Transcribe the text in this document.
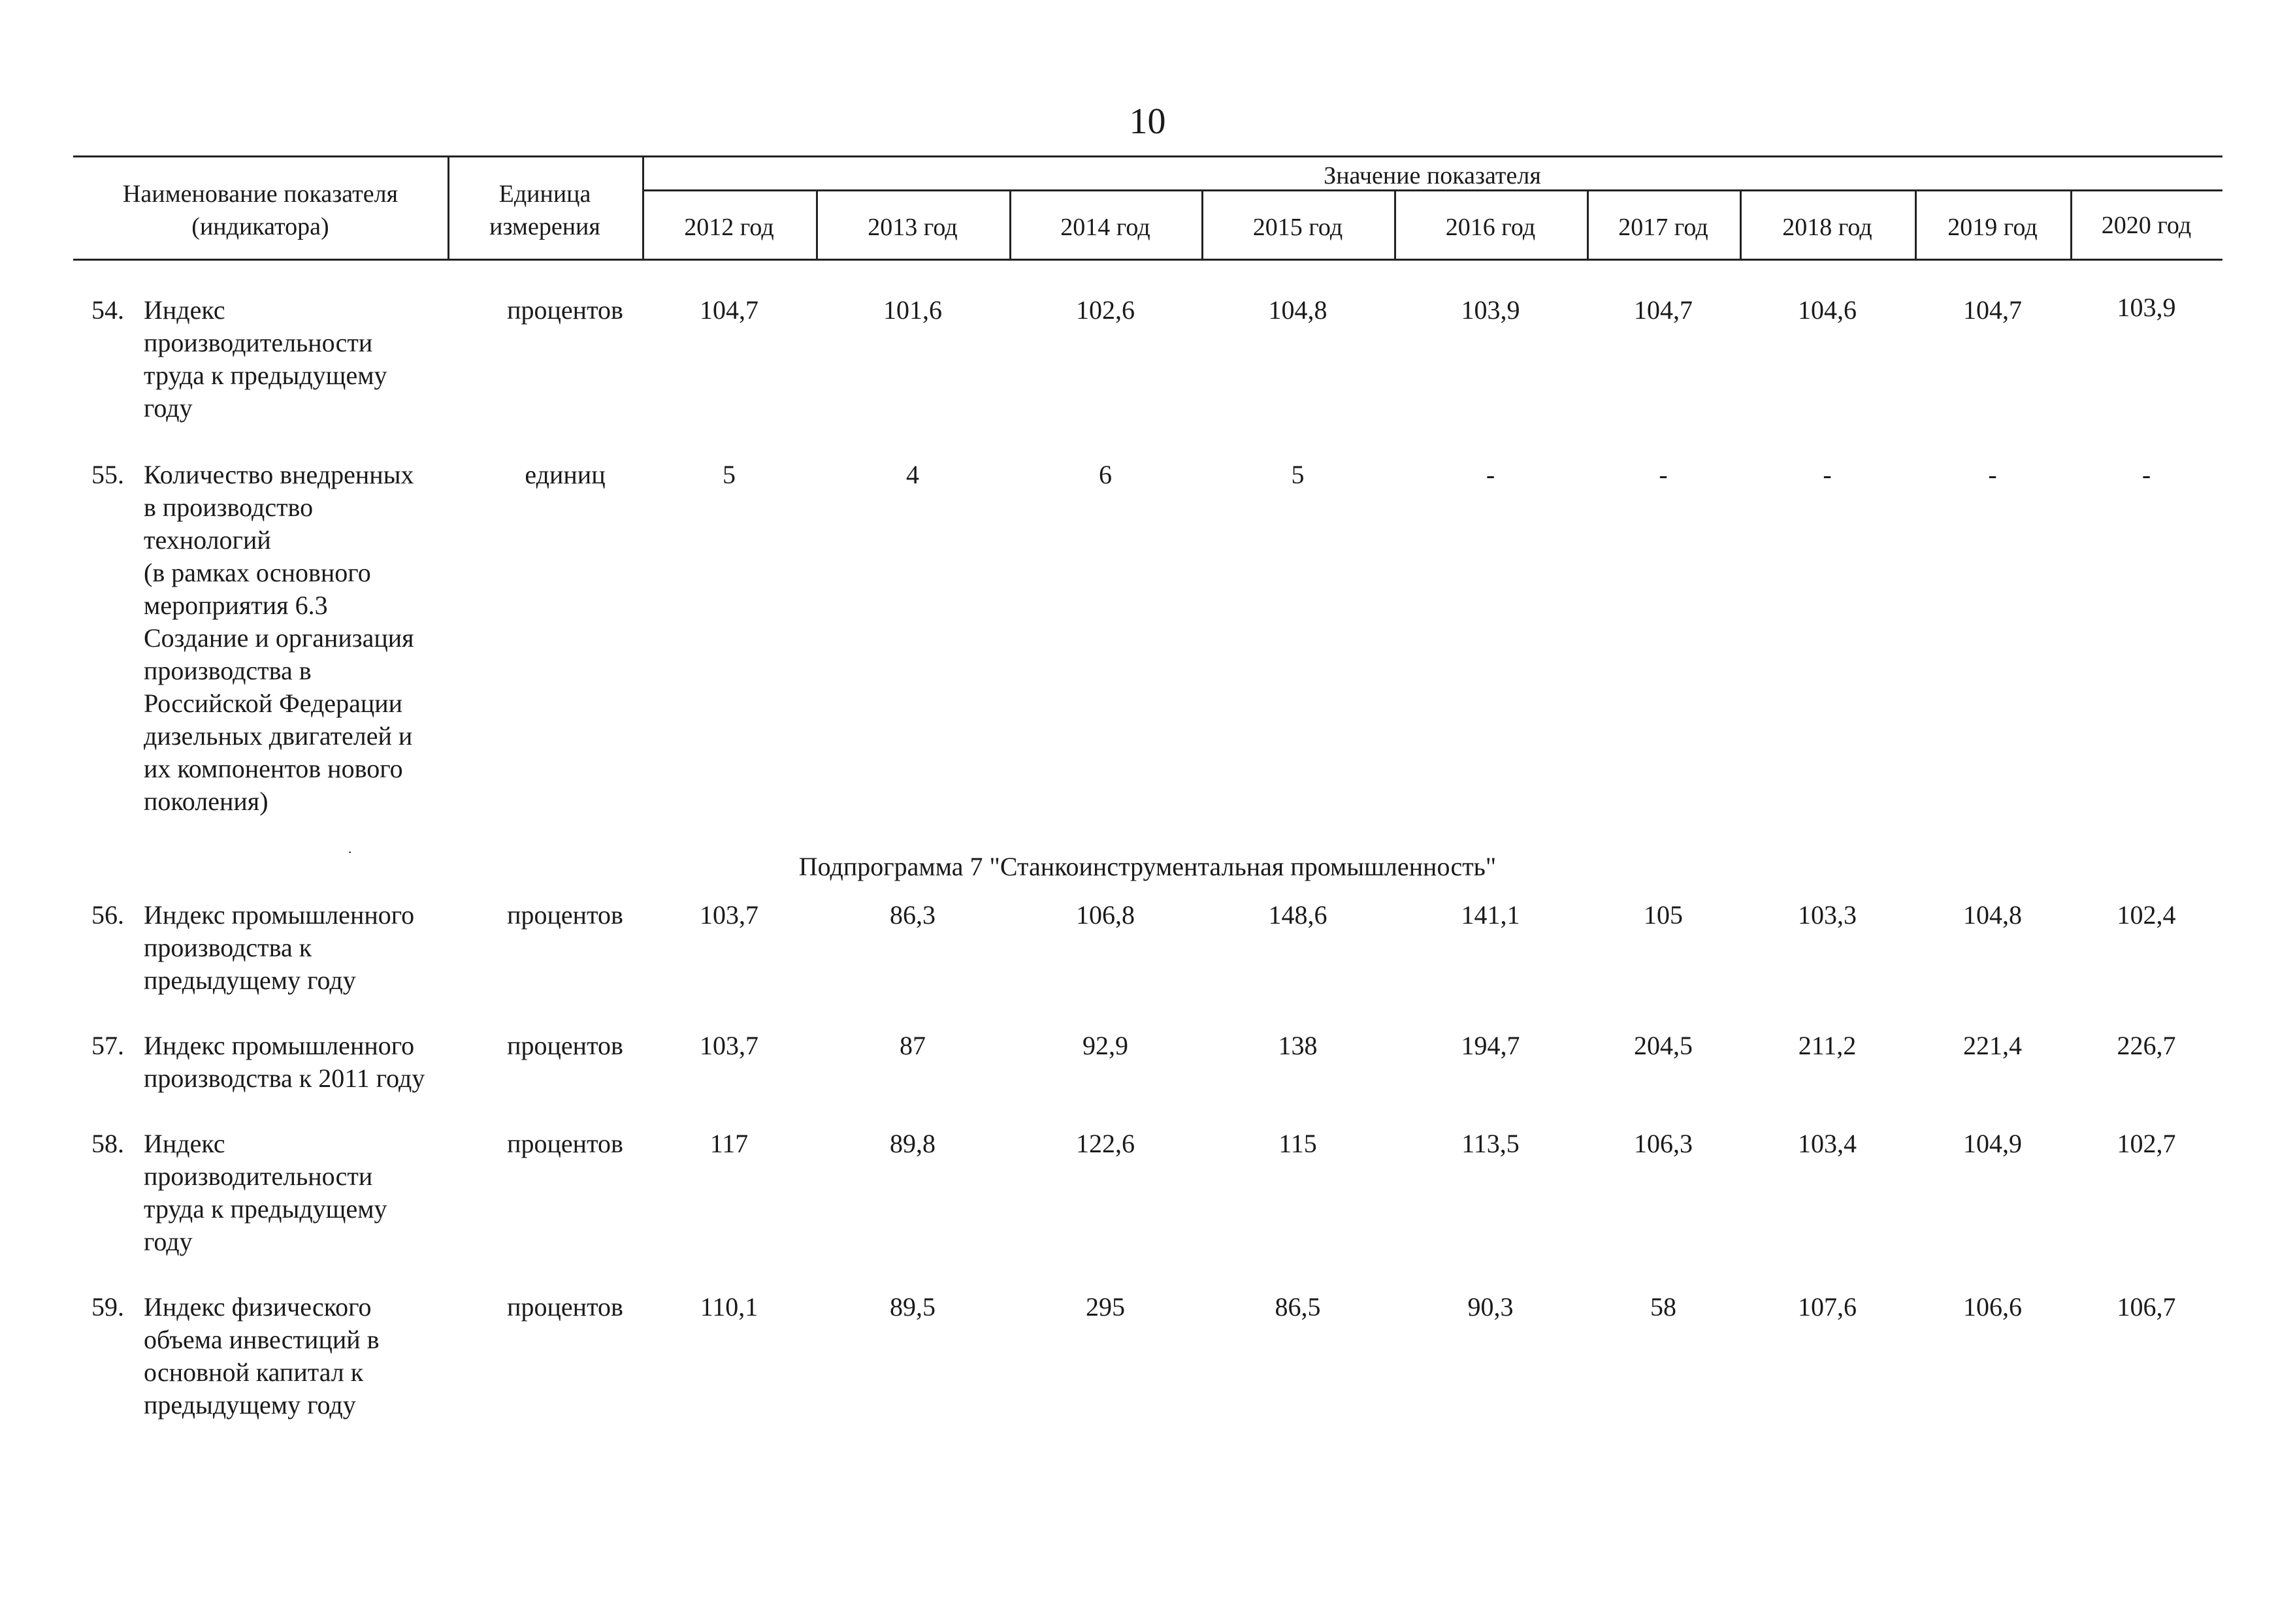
10
Наименование показателя
(индикатора)
Единица
измерения
Значение показателя
2012 год	2013 год	2014 год	2015 год	2016 год	2017 год	2018 год	2019 год	2020 год
54. Индекс
производительности
труда к предыдущему
году
процентов	104,7	101,6	102,6	104,8	103,9	104,7	104,6	104,7	103,9
55. Количество внедренных
в производство
технологий
(в рамках основного
мероприятия 6.3
Создание и организация
производства в
Российской Федерации
дизельных двигателей и
их компонентов нового
поколения)
единиц	5	4	6	5	-	-	-	-	-
·	Подпрограмма 7 "Станкоинструментальная промышленность"
56. Индекс промышленного
производства к
предыдущему году
процентов	103,7	86,3	106,8	148,6	141,1	105	103,3	104,8	102,4
57. Индекс промышленного
производства к 2011 году
процентов	103,7	87	92,9	138	194,7	204,5	211,2	221,4	226,7
58. Индекс
производительности
труда к предыдущему
году
процентов	117	89,8	122,6	115	113,5	106,3	103,4	104,9	102,7
59. Индекс физического
объема инвестиций в
основной капитал к
предыдущему году
процентов	110,1	89,5	295	86,5	90,3	58	107,6	106,6	106,7
